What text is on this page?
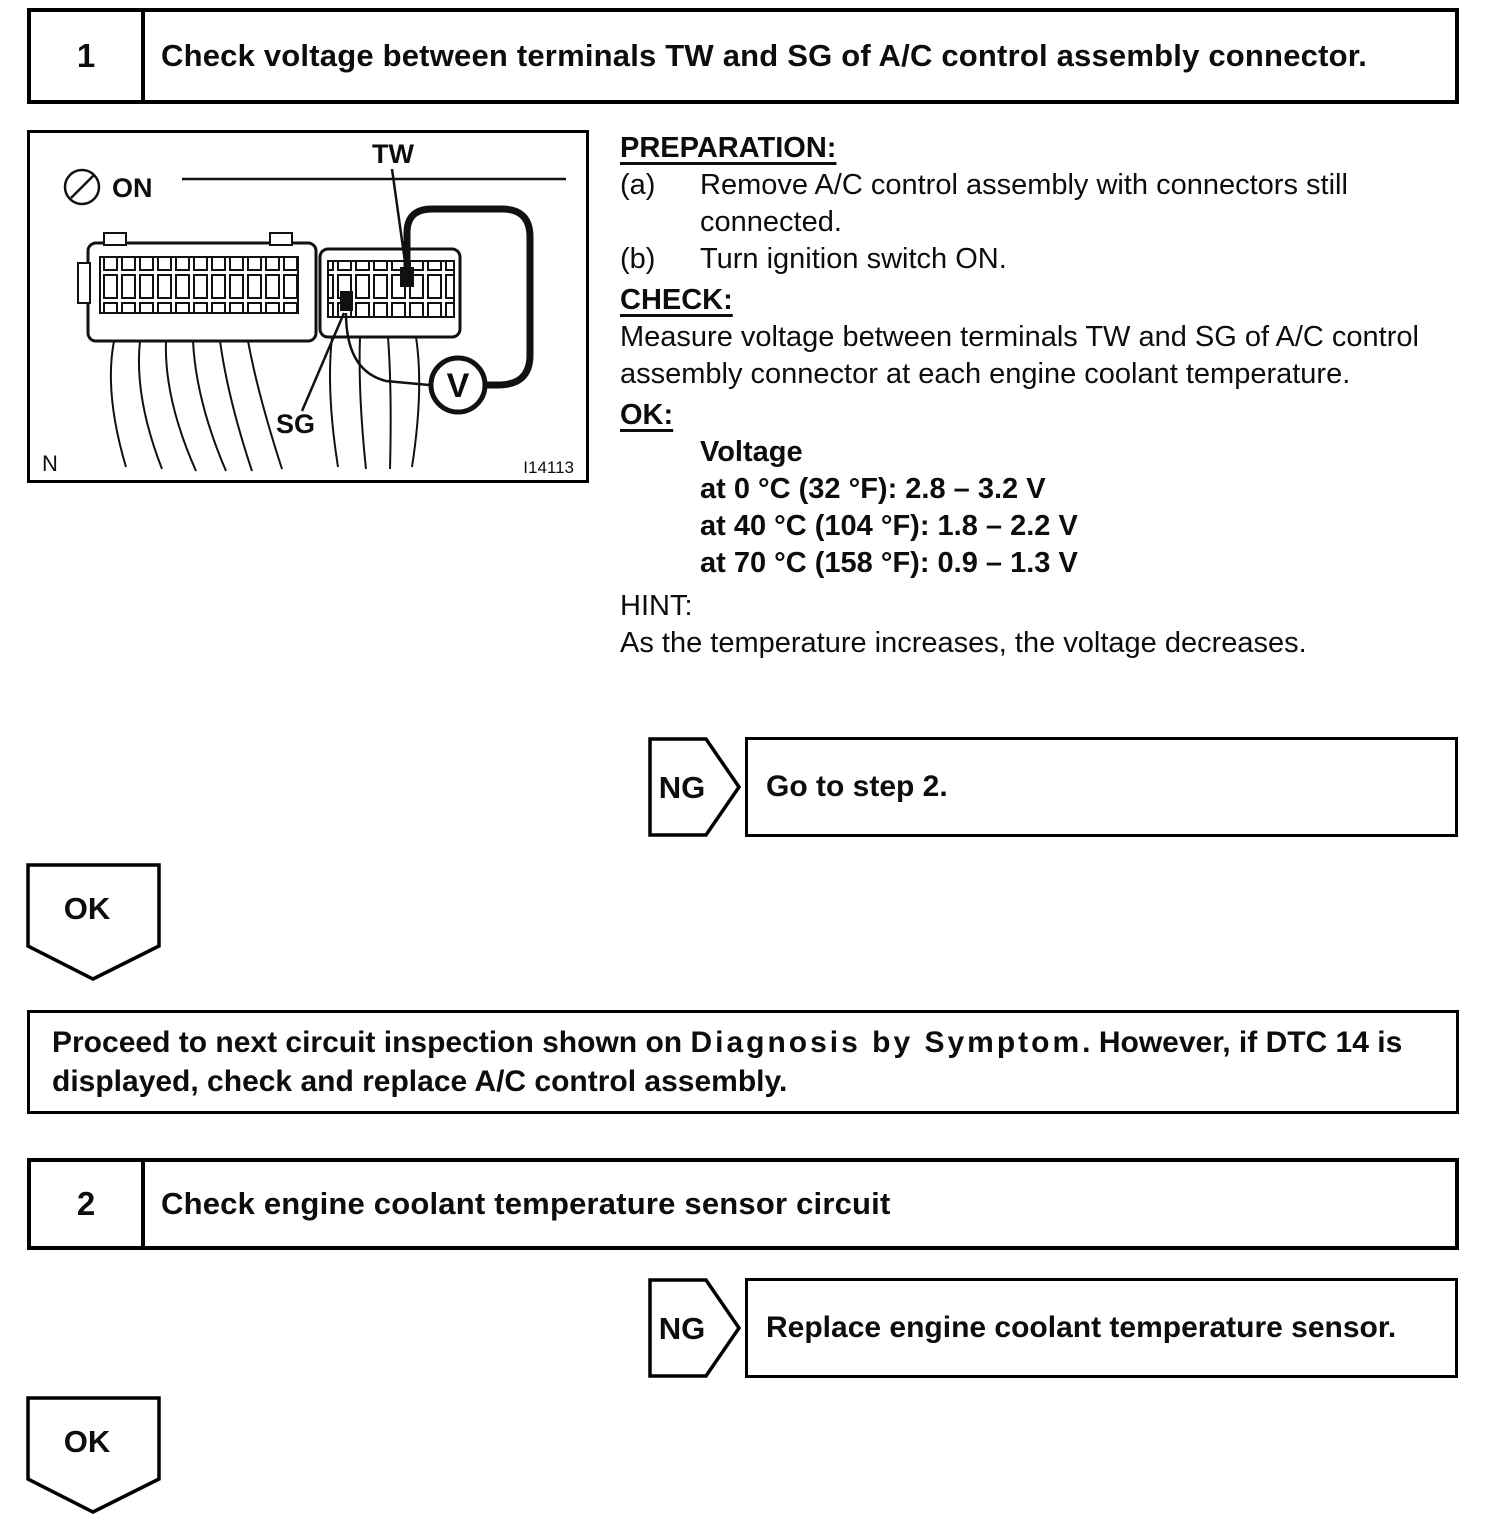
1	Check voltage between terminals TW and SG of A/C control assembly connector.
ON
TW
SG
V
N	I14113
PREPARATION:
(a)	Remove A/C control assembly with connectors still connected.
(b)	Turn ignition switch ON.
CHECK:
Measure voltage between terminals TW and SG of A/C control assembly connector at each engine coolant temperature.
OK:
Voltage
at 0 °C (32 °F): 2.8 – 3.2 V
at 40 °C (104 °F): 1.8 – 2.2 V
at 70 °C (158 °F): 0.9 – 1.3 V
HINT:
As the temperature increases, the voltage decreases.
NG	Go to step 2.
OK
Proceed to next circuit inspection shown on Diagnosis by Symptom. However, if DTC 14 is displayed, check and replace A/C control assembly.
2	Check engine coolant temperature sensor circuit
NG	Replace engine coolant temperature sensor.
OK
